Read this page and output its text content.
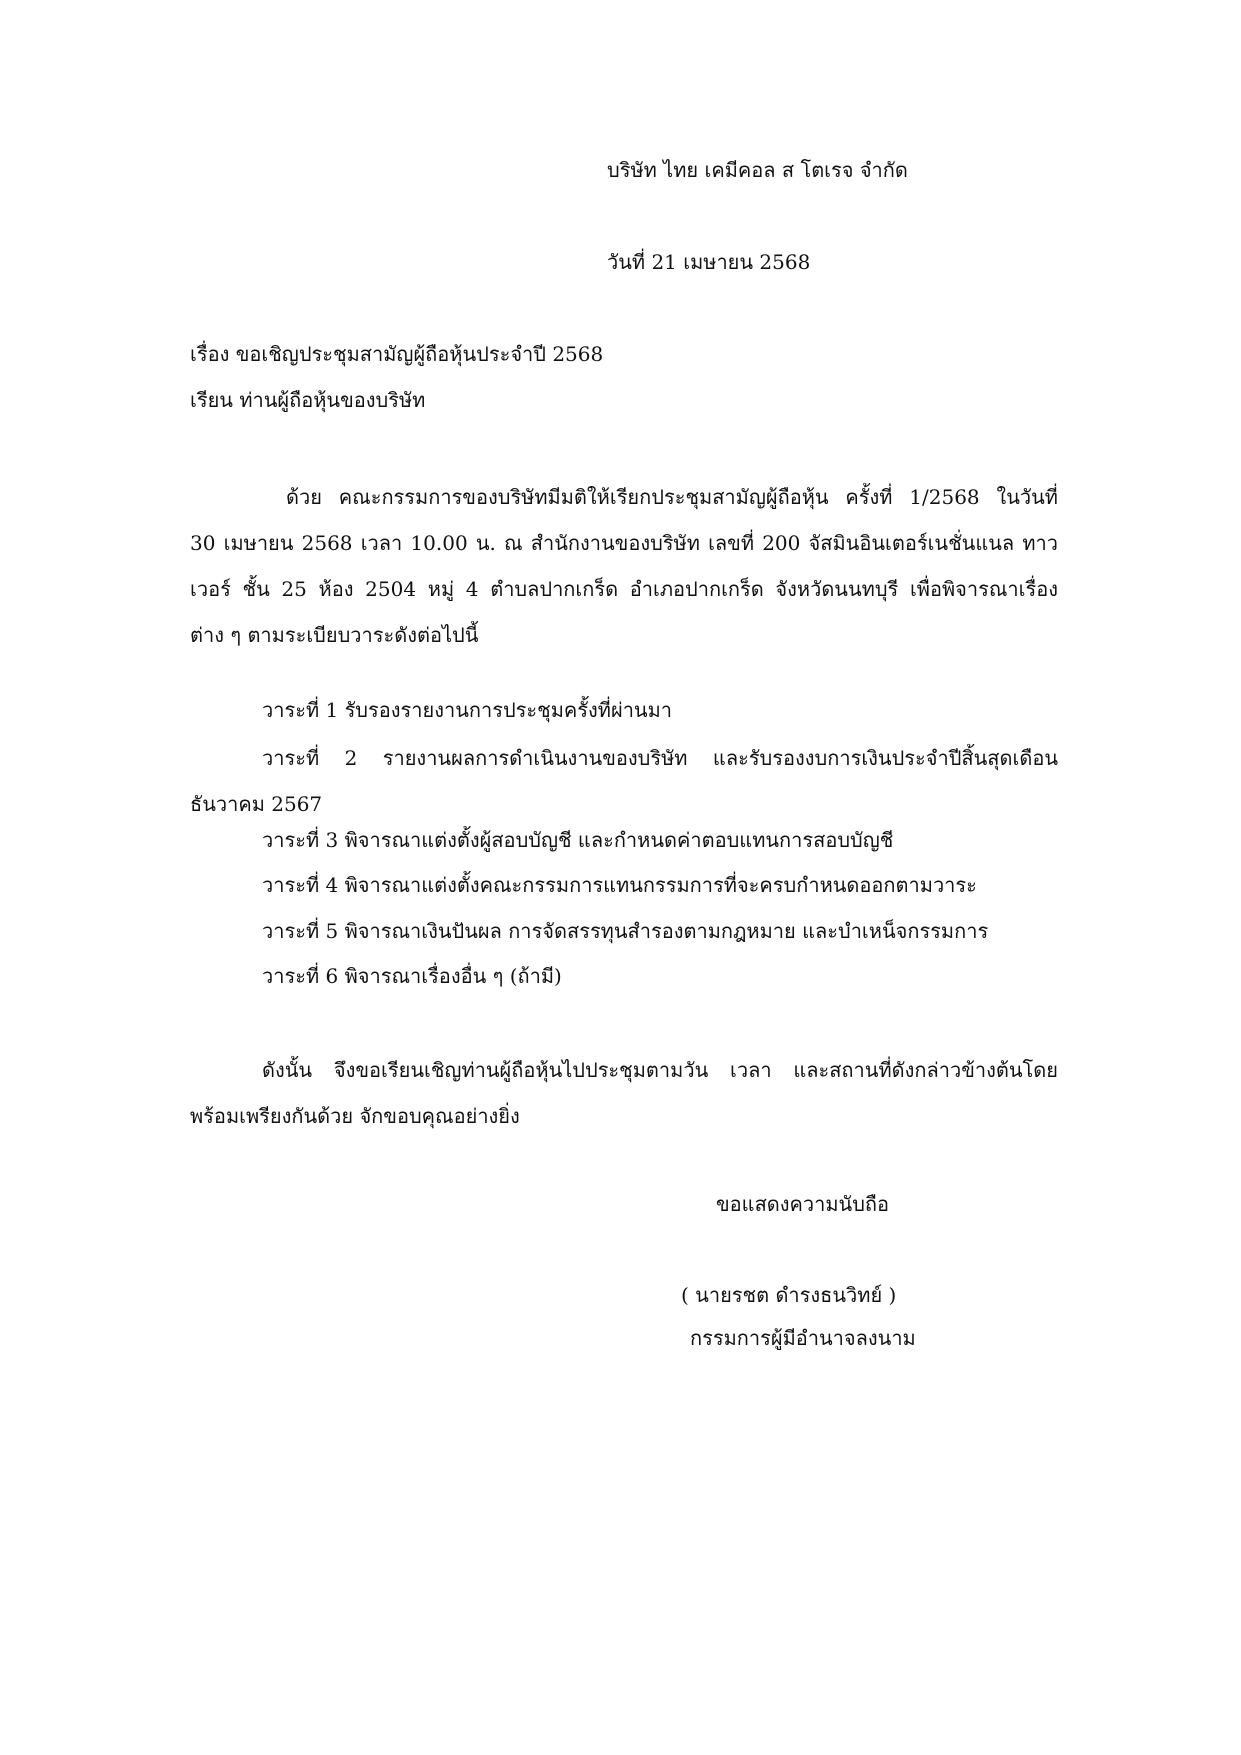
บริษัท ไทย เคมีคอล ส โตเรจ จำกัด

วันที่ 21 เมษายน 2568

เรื่อง ขอเชิญประชุมสามัญผู้ถือหุ้นประจำปี 2568

เรียน ท่านผู้ถือหุ้นของบริษัท

ด้วย คณะกรรมการของบริษัทมีมติให้เรียกประชุมสามัญผู้ถือหุ้น ครั้งที่ 1/2568 ในวันที่
30 เมษายน 2568 เวลา 10.00 น. ณ สำนักงานของบริษัท เลขที่ 200 จัสมินอินเตอร์เนชั่นแนล ทาว
เวอร์ ชั้น 25 ห้อง 2504 หมู่ 4 ตำบลปากเกร็ด อำเภอปากเกร็ด จังหวัดนนทบุรี เพื่อพิจารณาเรื่อง
ต่าง ๆ ตามระเบียบวาระดังต่อไปนี้

วาระที่ 1 รับรองรายงานการประชุมครั้งที่ผ่านมา

วาระที่ 2 รายงานผลการดำเนินงานของบริษัท และรับรองงบการเงินประจำปีสิ้นสุดเดือน
ธันวาคม 2567

วาระที่ 3 พิจารณาแต่งตั้งผู้สอบบัญชี และกำหนดค่าตอบแทนการสอบบัญชี

วาระที่ 4 พิจารณาแต่งตั้งคณะกรรมการแทนกรรมการที่จะครบกำหนดออกตามวาระ

วาระที่ 5 พิจารณาเงินปันผล การจัดสรรทุนสำรองตามกฎหมาย และบำเหน็จกรรมการ

วาระที่ 6 พิจารณาเรื่องอื่น ๆ (ถ้ามี)

ดังนั้น จึงขอเรียนเชิญท่านผู้ถือหุ้นไปประชุมตามวัน เวลา และสถานที่ดังกล่าวข้างต้นโดย
พร้อมเพรียงกันด้วย จักขอบคุณอย่างยิ่ง

ขอแสดงความนับถือ

( นายรชต ดำรงธนวิทย์ )

กรรมการผู้มีอำนาจลงนาม
